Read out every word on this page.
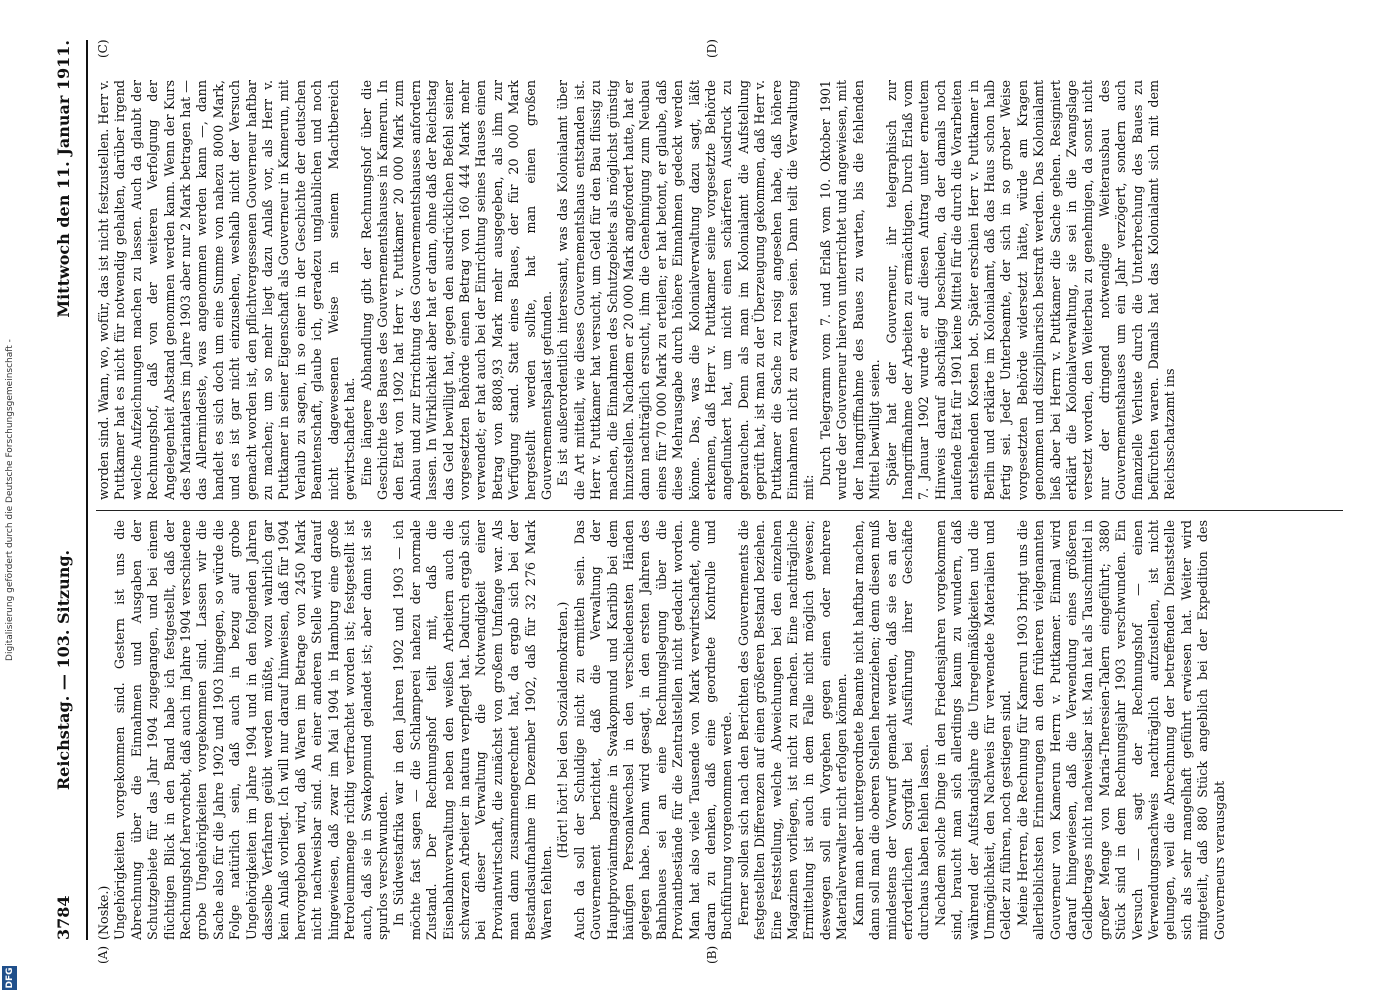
Digitalisierung gefördert durch die Deutsche Forschungsgemeinschaft -
DFG
3784
Reichstag. — 103. Sitzung.
Mittwoch den 11. Januar 1911.
(A)	(B)
(C)	(D)

(Noske.) Ungehörigkeiten vorgekommen sind. Gestern ist uns die Abrechnung über die Einnahmen und Ausgaben der Schutzgebiete für das Jahr 1904 zugegangen, und bei einem flüchtigen Blick in den Band habe ich festgestellt, daß der Rechnungshof hervorhebt, daß auch im Jahre 1904 verschiedene grobe Ungehörigkeiten vorgekommen sind. Lassen wir die Sache also für die Jahre 1902 und 1903 hingegen, so würde die Folge natürlich sein, daß auch in bezug auf grobe Ungehörigkeiten im Jahre 1904 und in den folgenden Jahren dasselbe Verfahren geübt werden müßte, wozu wahrlich gar kein Anlaß vorliegt. Ich will nur darauf hinweisen, daß für 1904 hervorgehoben wird, daß Waren im Betrage von 2450 Mark nicht nachweisbar sind. An einer anderen Stelle wird darauf hingewiesen, daß zwar im Mai 1904 in Hamburg eine große Petroleummenge richtig verfrachtet worden ist; festgestellt ist auch, daß sie in Swakopmund gelandet ist; aber dann ist sie spurlos verschwunden. In Südwestafrika war in den Jahren 1902 und 1903 — ich möchte fast sagen — die Schlamperei nahezu der normale Zustand. Der Rechnungshof teilt mit, daß die Eisenbahnverwaltung neben den weißen Arbeitern auch die schwarzen Arbeiter in natura verpflegt hat. Dadurch ergab sich bei dieser Verwaltung die Notwendigkeit einer Proviantwirtschaft, die zunächst von großem Umfange war. Als man dann zusammengerechnet hat, da ergab sich bei der Bestandsaufnahme im Dezember 1902, daß für 32 276 Mark Waren fehlten.

(Hört! hört! bei den Sozialdemokraten.) Auch da soll der Schuldige nicht zu ermitteln sein. Das Gouvernement berichtet, daß die Verwaltung der Hauptproviantmagazine in Swakopmund und Karibib bei dem häufigen Personalwechsel in den verschiedensten Händen gelegen habe. Dann wird gesagt, in den ersten Jahren des Bahnbaues sei an eine Rechnungslegung über die Proviantbestände für die Zentralstellen nicht gedacht worden. Man hat also viele Tausende von Mark verwirtschaftet, ohne daran zu denken, daß eine geordnete Kontrolle und Buchführung vorgenommen werde. Ferner sollen sich nach den Berichten des Gouvernements die festgestellten Differenzen auf einen größeren Bestand beziehen. Eine Feststellung, welche Abweichungen bei den einzelnen Magazinen vorliegen, ist nicht zu machen. Eine nachträgliche Ermittelung ist auch in dem Falle nicht möglich gewesen; deswegen soll ein Vorgehen gegen einen oder mehrere Materialverwalter nicht erfolgen können. Kann man aber untergeordnete Beamte nicht haftbar machen, dann soll man die oberen Stellen heranziehen; denn diesen muß mindestens der Vorwurf gemacht werden, daß sie es an der erforderlichen Sorgfalt bei Ausführung ihrer Geschäfte durchaus haben fehlen lassen. Nachdem solche Dinge in den Friedensjahren vorgekommen sind, braucht man sich allerdings kaum zu wundern, daß während der Aufstandsjahre die Unregelmäßigkeiten und die Unmöglichkeit, den Nachweis für verwendete Materialien und Gelder zu führen, noch gestiegen sind. Meine Herren, die Rechnung für Kamerun 1903 bringt uns die allerlieblichsten Erinnerungen an den früheren vielgenannten Gouverneur von Kamerun Herrn v. Puttkamer. Einmal wird darauf hingewiesen, daß die Verwendung eines größeren Geldbetrages nicht nachweisbar ist. Man hat als Tauschmittel in großer Menge von Maria-Theresien-Talern eingeführt; 3880 Stück sind in dem Rechnungsjahr 1903 verschwunden. Ein Versuch — sagt der Rechnungshof — einen Verwendungsnachweis nachträglich aufzustellen, ist nicht gelungen, weil die Abrechnung der betreffenden Dienststelle sich als sehr mangelhaft geführt erwiesen hat. Weiter wird mitgeteilt, daß 880 Stück angeblich bei der Expedition des Gouverneurs verausgabt

worden sind. Wann, wo, wofür, das ist nicht festzustellen. Herr v. Puttkamer hat es nicht für notwendig gehalten, darüber irgend welche Aufzeichnungen machen zu lassen. Auch da glaubt der Rechnungshof, daß von der weiteren Verfolgung der Angelegenheit Abstand genommen werden kann. Wenn der Kurs des Mariantalers im Jahre 1903 aber nur 2 Mark betragen hat — das Allermindeste, was angenommen werden kann —, dann handelt es sich doch um eine Summe von nahezu 8000 Mark, und es ist gar nicht einzusehen, weshalb nicht der Versuch gemacht worden ist, den pflichtvergessenen Gouverneur haftbar zu machen; um so mehr liegt dazu Anlaß vor, als Herr v. Puttkamer in seiner Eigenschaft als Gouverneur in Kamerun, mit Verlaub zu sagen, in so einer in der Geschichte der deutschen Beamtenschaft, glaube ich, geradezu unglaublichen und noch nicht dagewesenen Weise in seinem Machtbereich gewirtschaftet hat. Eine längere Abhandlung gibt der Rechnungshof über die Geschichte des Baues des Gouvernementshauses in Kamerun. In den Etat von 1902 hat Herr v. Puttkamer 20 000 Mark zum Anbau und zur Errichtung des Gouvernementshauses anfordern lassen. In Wirklichkeit aber hat er dann, ohne daß der Reichstag das Geld bewilligt hat, gegen den ausdrücklichen Befehl seiner vorgesetzten Behörde einen Betrag von 160 444 Mark mehr verwendet; er hat auch bei der Einrichtung seines Hauses einen Betrag von 8808,93 Mark mehr ausgegeben, als ihm zur Verfügung stand. Statt eines Baues, der für 20 000 Mark hergestellt werden sollte, hat man einen großen Gouvernementspalast gefunden. Es ist außerordentlich interessant, was das Kolonialamt über die Art mitteilt, wie dieses Gouvernementshaus entstanden ist. Herr v. Puttkamer hat versucht, um Geld für den Bau flüssig zu machen, die Einnahmen des Schutzgebiets als möglichst günstig hinzustellen. Nachdem er 20 000 Mark angefordert hatte, hat er dann nachträglich ersucht, ihm die Genehmigung zum Neubau eines für 70 000 Mark zu erteilen; er hat betont, er glaube, daß diese Mehrausgabe durch höhere Einnahmen gedeckt werden könne. Das, was die Kolonialverwaltung dazu sagt, läßt erkennen, daß Herr v. Puttkamer seine vorgesetzte Behörde angeflunkert hat, um nicht einen schärferen Ausdruck zu gebrauchen. Denn als man im Kolonialamt die Aufstellung geprüft hat, ist man zu der Überzeugung gekommen, daß Herr v. Puttkamer die Sache zu rosig angesehen habe, daß höhere Einnahmen nicht zu erwarten seien. Dann teilt die Verwaltung mit:

Durch Telegramm vom 7. und Erlaß vom 10. Oktober 1901 wurde der Gouverneur hiervon unterrichtet und angewiesen, mit der Inangriffnahme des Baues zu warten, bis die fehlenden Mittel bewilligt seien. Später hat der Gouverneur, ihr telegraphisch zur Inangriffnahme der Arbeiten zu ermächtigen. Durch Erlaß vom 7. Januar 1902 wurde er auf diesen Antrag unter erneutem Hinweis darauf abschlägig beschieden, da der damals noch laufende Etat für 1901 keine Mittel für die durch die Vorarbeiten entstehenden Kosten bot. Später erschien Herr v. Puttkamer in Berlin und erklärte im Kolonialamt, daß das Haus schon halb fertig sei. Jeder Unterbeamte, der sich in so grober Weise vorgesetzten Behörde widersetzt hätte, würde am Kragen genommen und disziplinarisch bestraft werden. Das Kolonialamt ließ aber bei Herrn v. Puttkamer die Sache gehen. Resigniert erklärt die Kolonialverwaltung, sie sei in die Zwangslage versetzt worden, den Weiterbau zu genehmigen, da sonst nicht nur der dringend notwendige Weiterausbau des Gouvernementshauses um ein Jahr verzögert, sondern auch finanzielle Verluste durch die Unterbrechung des Baues zu befürchten waren. Damals hat das Kolonialamt sich mit dem Reichsschatzamt ins
